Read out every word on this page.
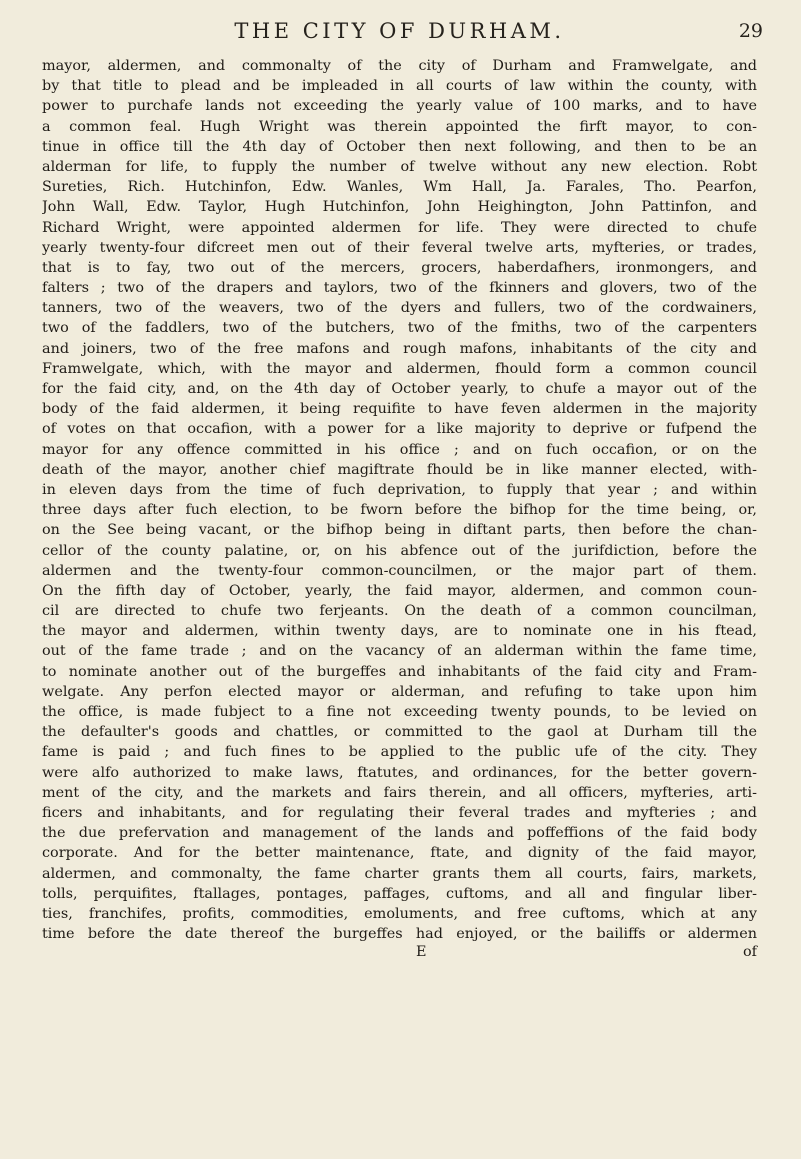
THE CITY OF DURHAM.	29
mayor, aldermen, and commonalty of the city of Durham and Framwelgate, and
by that title to plead and be impleaded in all courts of law within the county, with
power to purchafe lands not exceeding the yearly value of 100 marks, and to have
a common feal. Hugh Wright was therein appointed the firft mayor, to con-
tinue in office till the 4th day of October then next following, and then to be an
alderman for life, to fupply the number of twelve without any new election. Robt
Sureties, Rich. Hutchinfon, Edw. Wanles, Wm Hall, Ja. Farales, Tho. Pearfon,
John Wall, Edw. Taylor, Hugh Hutchinfon, John Heighington, John Pattinfon, and
Richard Wright, were appointed aldermen for life. They were directed to chufe
yearly twenty-four difcreet men out of their feveral twelve arts, myfteries, or trades,
that is to fay, two out of the mercers, grocers, haberdafhers, ironmongers, and
falters ; two of the drapers and taylors, two of the fkinners and glovers, two of the
tanners, two of the weavers, two of the dyers and fullers, two of the cordwainers,
two of the faddlers, two of the butchers, two of the fmiths, two of the carpenters
and joiners, two of the free mafons and rough mafons, inhabitants of the city and
Framwelgate, which, with the mayor and aldermen, fhould form a common council
for the faid city, and, on the 4th day of October yearly, to chufe a mayor out of the
body of the faid aldermen, it being requifite to have feven aldermen in the majority
of votes on that occafion, with a power for a like majority to deprive or fufpend the
mayor for any offence committed in his office ; and on fuch occafion, or on the
death of the mayor, another chief magiftrate fhould be in like manner elected, with-
in eleven days from the time of fuch deprivation, to fupply that year ; and within
three days after fuch election, to be fworn before the bifhop for the time being, or,
on the See being vacant, or the bifhop being in diftant parts, then before the chan-
cellor of the county palatine, or, on his abfence out of the jurifdiction, before the
aldermen and the twenty-four common-councilmen, or the major part of them.
On the fifth day of October, yearly, the faid mayor, aldermen, and common coun-
cil are directed to chufe two ferjeants. On the death of a common councilman,
the mayor and aldermen, within twenty days, are to nominate one in his ftead,
out of the fame trade ; and on the vacancy of an alderman within the fame time,
to nominate another out of the burgeffes and inhabitants of the faid city and Fram-
welgate. Any perfon elected mayor or alderman, and refufing to take upon him
the office, is made fubject to a fine not exceeding twenty pounds, to be levied on
the defaulter's goods and chattles, or committed to the gaol at Durham till the
fame is paid ; and fuch fines to be applied to the public ufe of the city. They
were alfo authorized to make laws, ftatutes, and ordinances, for the better govern-
ment of the city, and the markets and fairs therein, and all officers, myfteries, arti-
ficers and inhabitants, and for regulating their feveral trades and myfteries ; and
the due prefervation and management of the lands and poffeffions of the faid body
corporate. And for the better maintenance, ftate, and dignity of the faid mayor,
aldermen, and commonalty, the fame charter grants them all courts, fairs, markets,
tolls, perquifites, ftallages, pontages, paffages, cuftoms, and all and fingular liber-
ties, franchifes, profits, commodities, emoluments, and free cuftoms, which at any
time before the date thereof the burgeffes had enjoyed, or the bailiffs or aldermen
E	of
